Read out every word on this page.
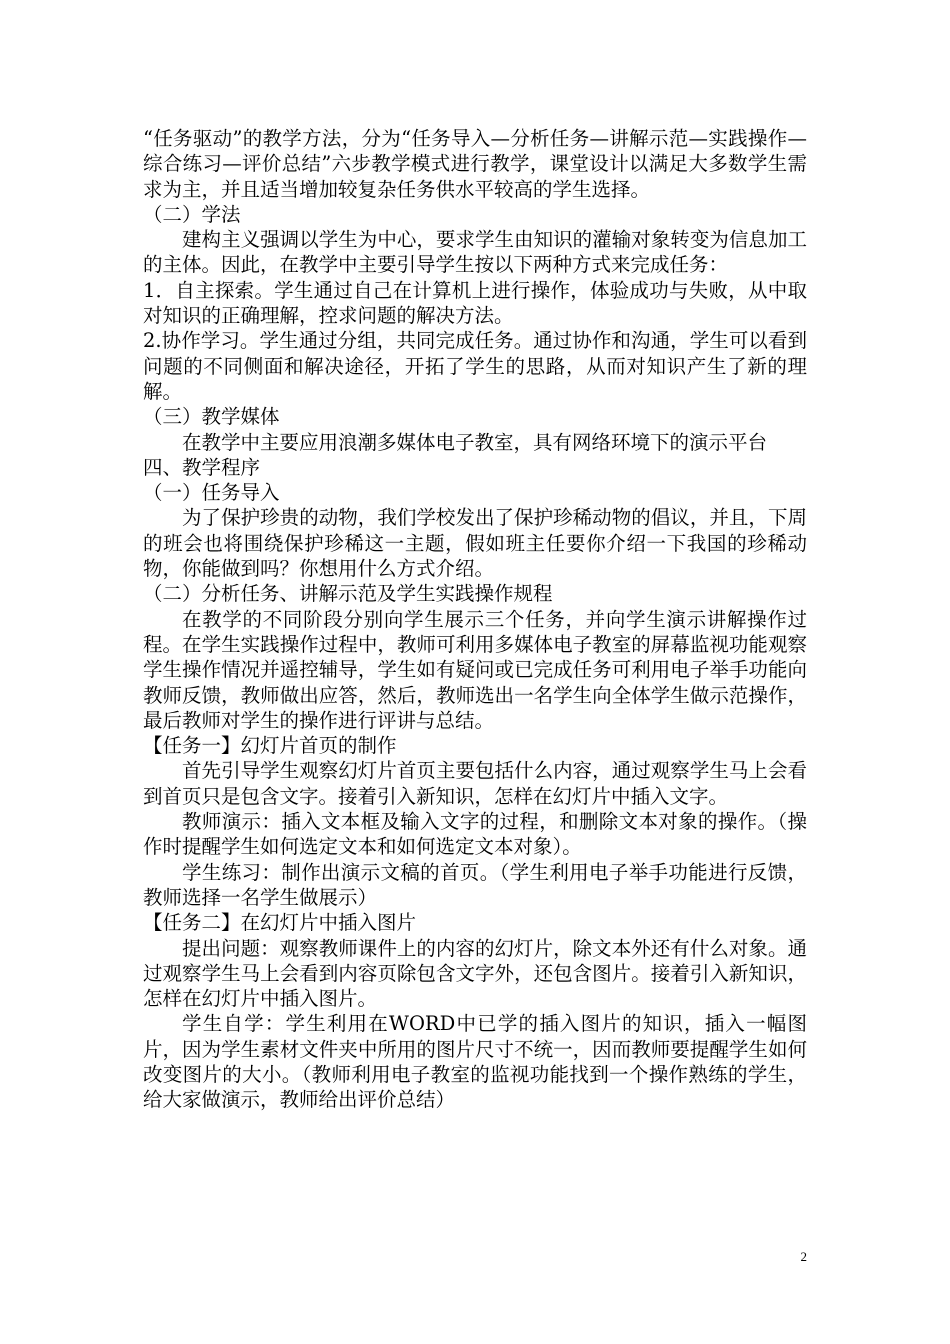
“任务驱动”的教学方法，分为“任务导入—分析任务—讲解示范—实践操作—综合练习—评价总结”六步教学模式进行教学，课堂设计以满足大多数学生需求为主，并且适当增加较复杂任务供水平较高的学生选择。

（二）学法

建构主义强调以学生为中心，要求学生由知识的灌输对象转变为信息加工的主体。因此，在教学中主要引导学生按以下两种方式来完成任务：

1．自主探索。学生通过自己在计算机上进行操作，体验成功与失败，从中取对知识的正确理解，控求问题的解决方法。

2.协作学习。学生通过分组，共同完成任务。通过协作和沟通，学生可以看到问题的不同侧面和解决途径，开拓了学生的思路，从而对知识产生了新的理解。

（三）教学媒体

在教学中主要应用浪潮多媒体电子教室，具有网络环境下的演示平台

四、教学程序

（一）任务导入

为了保护珍贵的动物，我们学校发出了保护珍稀动物的倡议，并且，下周的班会也将围绕保护珍稀这一主题，假如班主任要你介绍一下我国的珍稀动物，你能做到吗？你想用什么方式介绍。

（二）分析任务、讲解示范及学生实践操作规程

在教学的不同阶段分别向学生展示三个任务，并向学生演示讲解操作过程。在学生实践操作过程中，教师可利用多媒体电子教室的屏幕监视功能观察学生操作情况并遥控辅导，学生如有疑问或已完成任务可利用电子举手功能向教师反馈，教师做出应答，然后，教师选出一名学生向全体学生做示范操作，最后教师对学生的操作进行评讲与总结。

【任务一】幻灯片首页的制作

首先引导学生观察幻灯片首页主要包括什么内容，通过观察学生马上会看到首页只是包含文字。接着引入新知识，怎样在幻灯片中插入文字。

教师演示：插入文本框及输入文字的过程，和删除文本对象的操作。（操作时提醒学生如何选定文本和如何选定文本对象）。

学生练习：制作出演示文稿的首页。（学生利用电子举手功能进行反馈，教师选择一名学生做展示）

【任务二】在幻灯片中插入图片

提出问题：观察教师课件上的内容的幻灯片，除文本外还有什么对象。通过观察学生马上会看到内容页除包含文字外，还包含图片。接着引入新知识，怎样在幻灯片中插入图片。

学生自学：学生利用在WORD中已学的插入图片的知识，插入一幅图片，因为学生素材文件夹中所用的图片尺寸不统一，因而教师要提醒学生如何改变图片的大小。（教师利用电子教室的监视功能找到一个操作熟练的学生，给大家做演示，教师给出评价总结）

2
